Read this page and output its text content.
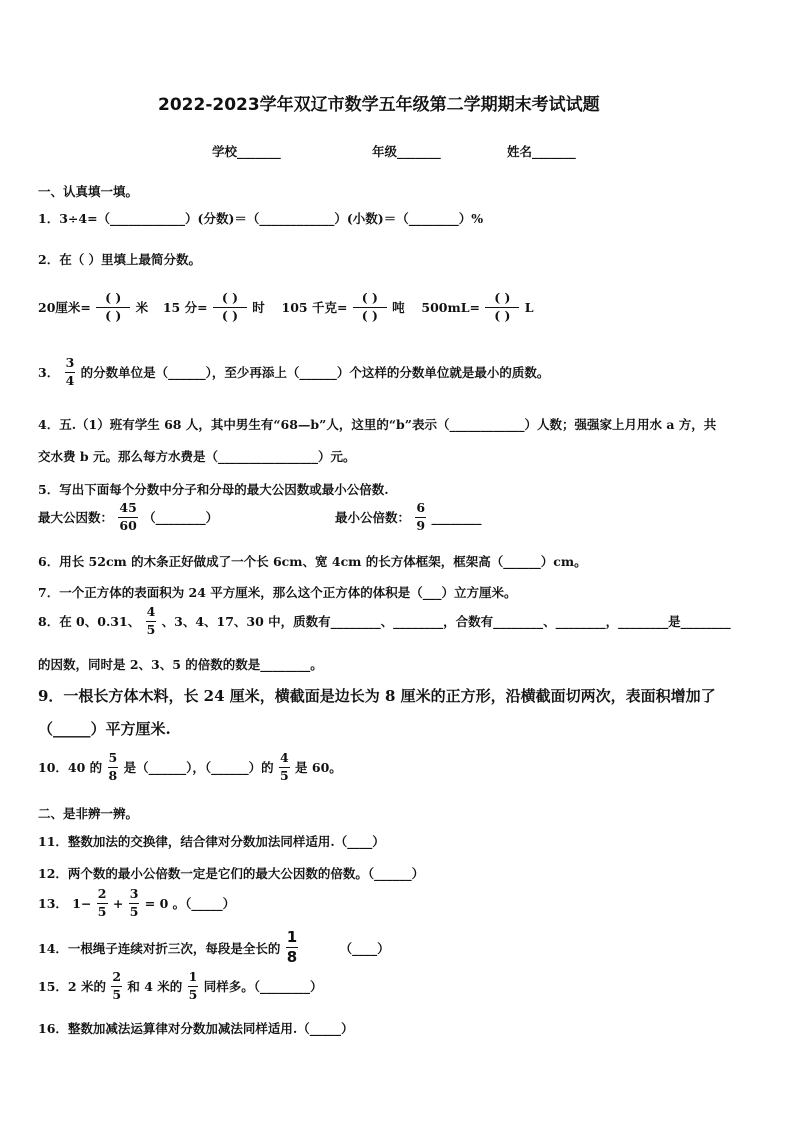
2022-2023学年双辽市数学五年级第二学期期末考试试题
学校_______	年级_______	姓名_______
一、认真填一填。
1．3÷4=（____________）(分数)＝（____________）(小数)＝（________）%
2．在（ ）里填上最简分数。
20厘米= $\frac{( )}{( )}$ 米 15 分= $\frac{( )}{( )}$ 时 105 千克= $\frac{( )}{( )}$ 吨 $500mL= \frac{( )}{( )}$ L
3． $\frac{3}{4}$ 的分数单位是（______），至少再添上（______）个这样的分数单位就是最小的质数。
4．五.（1）班有学生 68 人，其中男生有“68—b”人，这里的“b”表示（____________）人数；强强家上月用水 a 方，共
交水费 b 元。那么每方水费是（________________）元。
5．写出下面每个分数中分子和分母的最大公因数或最小公倍数.
最大公因数： $\frac{45}{60}$ （________）	最小公倍数： $\frac{6}{9}$ ________
6．用长 52cm 的木条正好做成了一个长 6cm、宽 4cm 的长方体框架，框架高（______）cm。
7．一个正方体的表面积为 24 平方厘米，那么这个正方体的体积是（___）立方厘米。
8．在 0、0.31、 $\frac{4}{5}$ 、3、4、17、30 中，质数有________、________，合数有________、________，________是________
的因数，同时是 2、3、5 的倍数的数是________。
9．一根长方体木料，长 24 厘米，横截面是边长为 8 厘米的正方形，沿横截面切两次，表面积增加了
（_____）平方厘米.
10．40 的 $\frac{5}{8}$ 是（______），（______）的 $\frac{4}{5}$ 是 60。
二、是非辨一辨。
11．整数加法的交换律，结合律对分数加法同样适用.（____）
12．两个数的最小公倍数一定是它们的最大公因数的倍数。（______）
13． $1- \frac{2}{5} + \frac{3}{5} = 0$ 。（_____）
14．一根绳子连续对折三次，每段是全长的 $\frac{1}{8}$	（____）
15．2 米的 $\frac{2}{5}$ 和 4 米的 $\frac{1}{5}$ 同样多。（________）
16．整数加减法运算律对分数加减法同样适用.（_____）
